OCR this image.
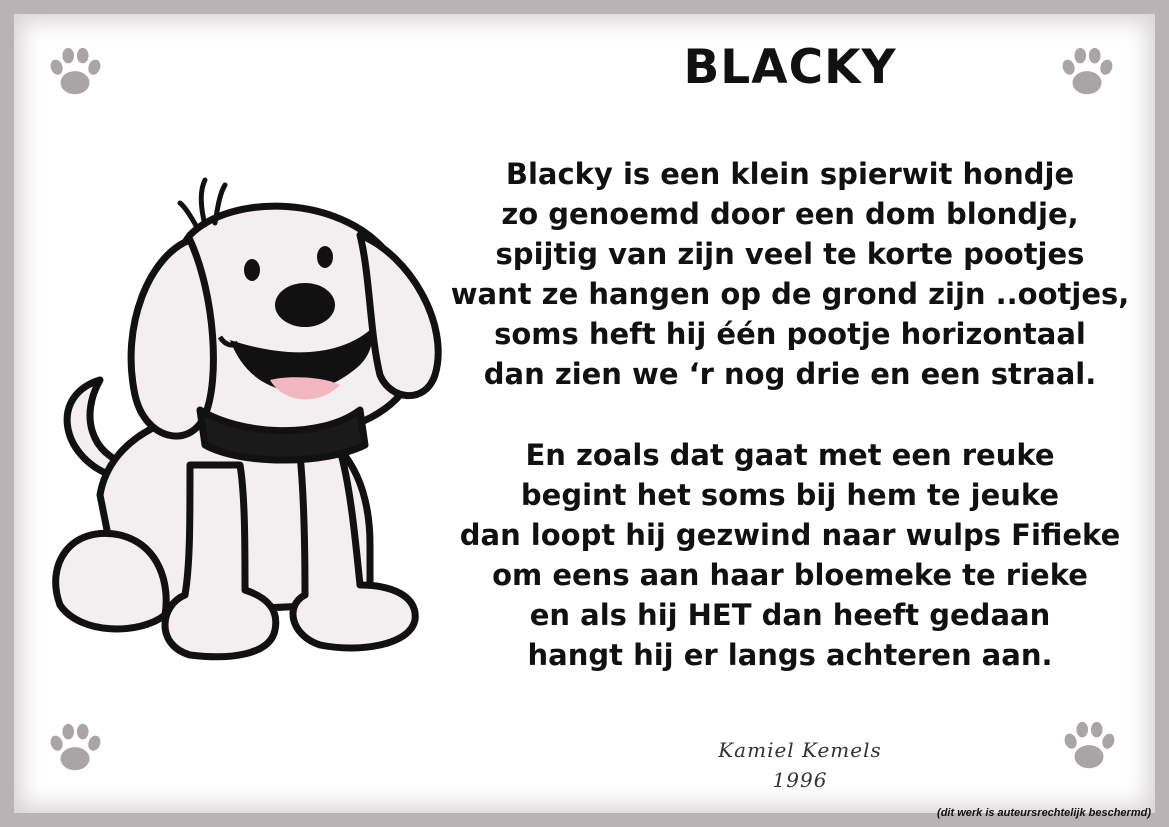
BLACKY
Blacky is een klein spierwit hondje
zo genoemd door een dom blondje,
spijtig van zijn veel te korte pootjes
want ze hangen op de grond zijn ..ootjes,
soms heft hij één pootje horizontaal
dan zien we ‘r nog drie en een straal.
En zoals dat gaat met een reuke
begint het soms bij hem te jeuke
dan loopt hij gezwind naar wulps Fifieke
om eens aan haar bloemeke te rieke
en als hij HET dan heeft gedaan
hangt hij er langs achteren aan.
Kamiel Kemels
1996
(dit werk is auteursrechtelijk beschermd)
